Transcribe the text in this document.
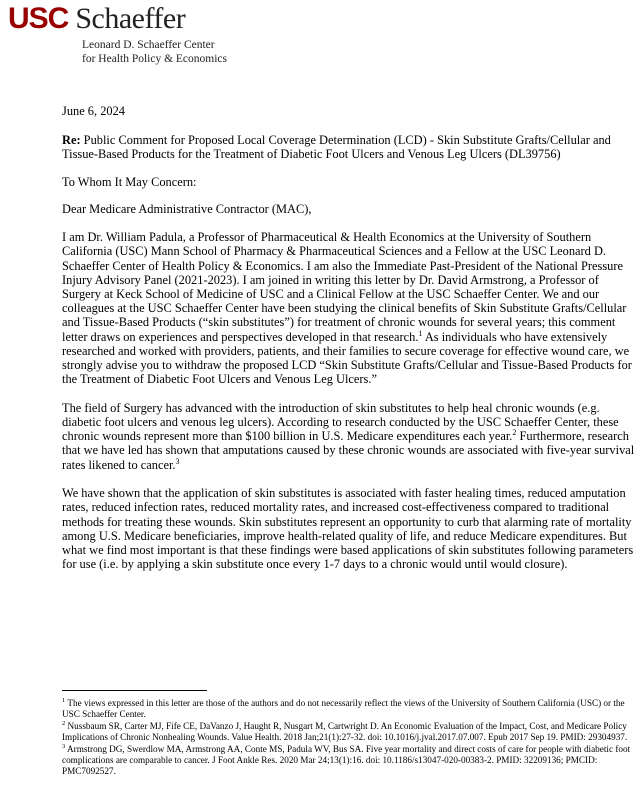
USC Schaeffer
Leonard D. Schaeffer Center
for Health Policy & Economics

June 6, 2024

Re: Public Comment for Proposed Local Coverage Determination (LCD) - Skin Substitute Grafts/Cellular and Tissue-Based Products for the Treatment of Diabetic Foot Ulcers and Venous Leg Ulcers (DL39756)

To Whom It May Concern:

Dear Medicare Administrative Contractor (MAC),

I am Dr. William Padula, a Professor of Pharmaceutical & Health Economics at the University of Southern California (USC) Mann School of Pharmacy & Pharmaceutical Sciences and a Fellow at the USC Leonard D. Schaeffer Center of Health Policy & Economics. I am also the Immediate Past-President of the National Pressure Injury Advisory Panel (2021-2023). I am joined in writing this letter by Dr. David Armstrong, a Professor of Surgery at Keck School of Medicine of USC and a Clinical Fellow at the USC Schaeffer Center. We and our colleagues at the USC Schaeffer Center have been studying the clinical benefits of Skin Substitute Grafts/Cellular and Tissue-Based Products (“skin substitutes”) for treatment of chronic wounds for several years; this comment letter draws on experiences and perspectives developed in that research.$^1$ As individuals who have extensively researched and worked with providers, patients, and their families to secure coverage for effective wound care, we strongly advise you to withdraw the proposed LCD “Skin Substitute Grafts/Cellular and Tissue-Based Products for the Treatment of Diabetic Foot Ulcers and Venous Leg Ulcers.”

The field of Surgery has advanced with the introduction of skin substitutes to help heal chronic wounds (e.g. diabetic foot ulcers and venous leg ulcers). According to research conducted by the USC Schaeffer Center, these chronic wounds represent more than $100 billion in U.S. Medicare expenditures each year.$^2$ Furthermore, research that we have led has shown that amputations caused by these chronic wounds are associated with five-year survival rates likened to cancer.$^3$

We have shown that the application of skin substitutes is associated with faster healing times, reduced amputation rates, reduced infection rates, reduced mortality rates, and increased cost-effectiveness compared to traditional methods for treating these wounds. Skin substitutes represent an opportunity to curb that alarming rate of mortality among U.S. Medicare beneficiaries, improve health-related quality of life, and reduce Medicare expenditures. But what we find most important is that these findings were based applications of skin substitutes following parameters for use (i.e. by applying a skin substitute once every 1-7 days to a chronic would until would closure).

$^1$ The views expressed in this letter are those of the authors and do not necessarily reflect the views of the University of Southern California (USC) or the USC Schaeffer Center.

$^2$ Nussbaum SR, Carter MJ, Fife CE, DaVanzo J, Haught R, Nusgart M, Cartwright D. An Economic Evaluation of the Impact, Cost, and Medicare Policy Implications of Chronic Nonhealing Wounds. Value Health. 2018 Jan;21(1):27-32. doi: 10.1016/j.jval.2017.07.007. Epub 2017 Sep 19. PMID: 29304937.

$^3$ Armstrong DG, Swerdlow MA, Armstrong AA, Conte MS, Padula WV, Bus SA. Five year mortality and direct costs of care for people with diabetic foot complications are comparable to cancer. J Foot Ankle Res. 2020 Mar 24;13(1):16. doi: 10.1186/s13047-020-00383-2. PMID: 32209136; PMCID: PMC7092527.
